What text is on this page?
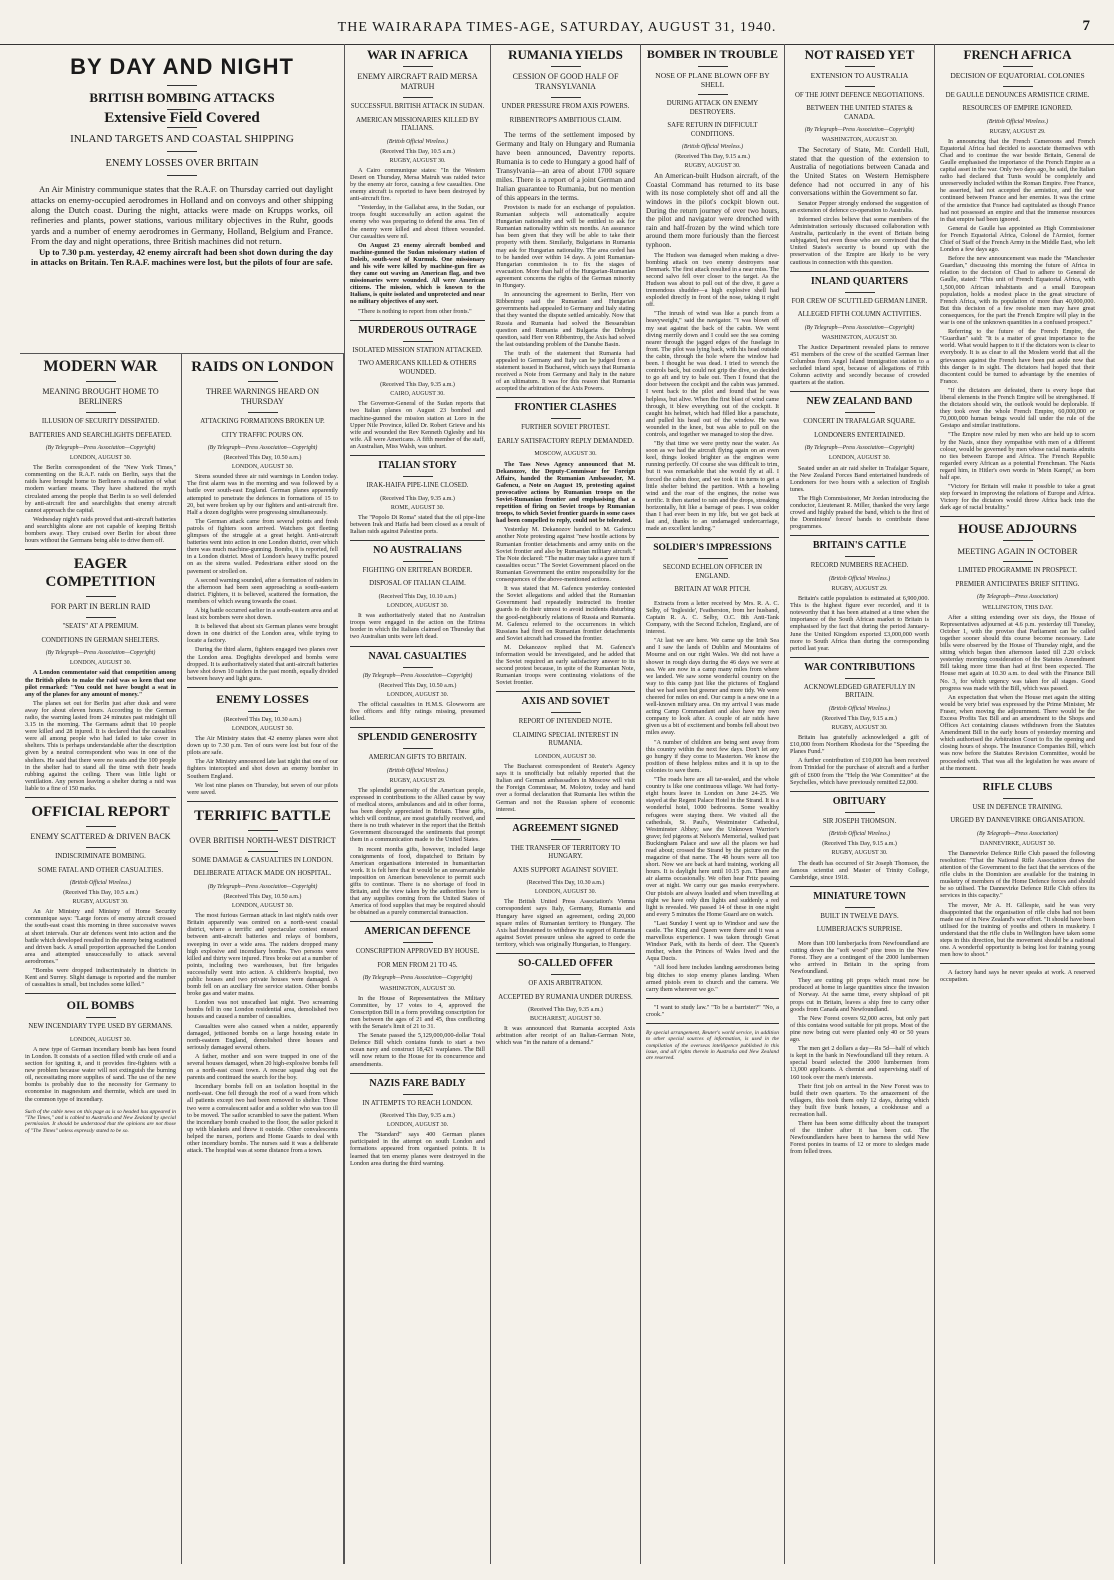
THE WAIRARAPA TIMES-AGE, SATURDAY, AUGUST 31, 1940.	7
BY DAY AND NIGHT
BRITISH BOMBING ATTACKS
Extensive Field Covered
INLAND TARGETS AND COASTAL SHIPPING
ENEMY LOSSES OVER BRITAIN

An Air Ministry communique states that the R.A.F. on Thursday carried out daylight attacks on enemy-occupied aerodromes in Holland and on convoys and other shipping along the Dutch coast. During the night, attacks were made on Krupps works, oil refineries and plants, power stations, various military objectives in the Ruhr, goods yards and a number of enemy aerodromes in Germany, Holland, Belgium and France. From the day and night operations, three British machines did not return.

Up to 7.30 p.m. yesterday, 42 enemy aircraft had been shot down during the day in attacks on Britain. Ten R.A.F. machines were lost, but the pilots of four are safe.

MODERN WAR
MEANING BROUGHT HOME TO BERLINERS
ILLUSION OF SECURITY DISSIPATED.
BATTERIES AND SEARCHLIGHTS DEFEATED.
(By Telegraph—Press Association—Copyright)
LONDON, AUGUST 30.

The Berlin correspondent of the "New York Times," commenting on the R.A.F. raids on Berlin, says that the raids have brought home to Berliners a realisation of what modern warfare means. They have shattered the myth circulated among the people that Berlin is so well defended by anti-aircraft fire and searchlights that enemy aircraft cannot approach the capital.

Wednesday night's raids proved that anti-aircraft batteries and searchlights alone are not capable of keeping British bombers away. They cruised over Berlin for about three hours without the Germans being able to drive them off.

EAGER COMPETITION
FOR PART IN BERLIN RAID
"SEATS" AT A PREMIUM.
CONDITIONS IN GERMAN SHELTERS.
(By Telegraph—Press Association—Copyright)
LONDON, AUGUST 30.

A London commentator said that competition among the British pilots to make the raid was so keen that one pilot remarked: "You could not have bought a seat in any of the planes for any amount of money."

The planes set out for Berlin just after dusk and were away for about eleven hours. According to the German radio, the warning lasted from 24 minutes past midnight till 3.15 in the morning. The Germans admit that 10 people were killed and 28 injured. It is declared that the casualties were all among people who had failed to take cover in shelters. This is perhaps understandable after the description given by a neutral correspondent who was in one of the shelters. He said that there were no seats and the 100 people in the shelter had to stand all the time with their heads rubbing against the ceiling. There was little light or ventilation. Any person leaving a shelter during a raid was liable to a fine of 150 marks.

OFFICIAL REPORT
ENEMY SCATTERED & DRIVEN BACK
INDISCRIMINATE BOMBING.
SOME FATAL AND OTHER CASUALTIES.
(British Official Wireless.)
(Received This Day, 10.5 a.m.)
RUGBY, AUGUST 30.

An Air Ministry and Ministry of Home Security communique says: "Large forces of enemy aircraft crossed the south-east coast this morning in three successive waves at short intervals. Our air defences went into action and the battle which developed resulted in the enemy being scattered and driven back. A small proportion approached the London area and attempted unsuccessfully to attack several aerodromes."

"Bombs were dropped indiscriminately in districts in Kent and Surrey. Slight damage is reported and the number of casualties is small, but includes some killed."

OIL BOMBS
NEW INCENDIARY TYPE USED BY GERMANS.
LONDON, AUGUST 30.

A new type of German incendiary bomb has been found in London. It consists of a section filled with crude oil and a section for igniting it, and it provides fire-fighters with a new problem because water will not extinguish the burning oil, necessitating more supplies of sand. The use of the new bombs is probably due to the necessity for Germany to economise in magnesium and thermite, which are used in the common type of incendiary.

Such of the cable news on this page as is so headed has appeared in "The Times," and is cabled to Australia and New Zealand by special permission. It should be understood that the opinions are not those of "The Times" unless expressly stated to be so.
RAIDS ON LONDON
THREE WARNINGS HEARD ON THURSDAY
ATTACKING FORMATIONS BROKEN UP.
CITY TRAFFIC POURS ON.
(By Telegraph—Press Association—Copyright)
(Received This Day, 10.50 a.m.)
LONDON, AUGUST 30.

Sirens sounded three air raid warnings in London today. The first alarm was in the morning and was followed by a battle over south-east England. German planes apparently attempted to penetrate the defences in formations of 15 to 20, but were broken up by our fighters and anti-aircraft fire. Half a dozen dogfights were progressing simultaneously.

The German attack came from several points and fresh patrols of fighters soon arrived. Watchers got fleeting glimpses of the struggle at a great height. Anti-aircraft batteries went into action in one London district, over which there was much machine-gunning. Bombs, it is reported, fell in a London district. Most of London's heavy traffic poured on as the sirens wailed. Pedestrians either stood on the pavement or strolled on.

A second warning sounded, after a formation of raiders in the afternoon had been seen approaching a south-eastern district. Fighters, it is believed, scattered the formation, the members of which swung towards the coast.

A big battle occurred earlier in a south-eastern area and at least six bombers were shot down.

It is believed that about six German planes were brought down in one district of the London area, while trying to locate a factory.

During the third alarm, fighters engaged two planes over the London area. Dogfights developed and bombs were dropped. It is authoritatively stated that anti-aircraft batteries have shot down 10 raiders in the past month, equally divided between heavy and light guns.

ENEMY LOSSES
(Received This Day, 10.30 a.m.)
LONDON, AUGUST 30.

The Air Ministry states that 42 enemy planes were shot down up to 7.30 p.m. Ten of ours were lost but four of the pilots are safe.

The Air Ministry announced late last night that one of our fighters intercepted and shot down an enemy bomber in Southern England.

We lost nine planes on Thursday, but seven of our pilots were saved.

TERRIFIC BATTLE
OVER BRITISH NORTH-WEST DISTRICT
SOME DAMAGE & CASUALTIES IN LONDON.
DELIBERATE ATTACK MADE ON HOSPITAL.
(By Telegraph—Press Association—Copyright)
(Received This Day, 10.50 a.m.)
LONDON, AUGUST 30.

The most furious German attack in last night's raids over Britain apparently was centred on a north-west coastal district, where a terrific and spectacular contest ensued between anti-aircraft batteries and relays of bombers, sweeping in over a wide area. The raiders dropped many high explosive and incendiary bombs. Two persons were killed and thirty were injured. Fires broke out at a number of points, including two warehouses, but fire brigades successfully went into action. A children's hospital, two public houses and two private houses were damaged. A bomb fell on an auxiliary fire service station. Other bombs broke gas and water mains.

London was not unscathed last night. Two screaming bombs fell in one London residential area, demolished two houses and caused a number of casualties.

Casualties were also caused when a raider, apparently damaged, jettisoned bombs on a large housing estate in north-eastern England, demolished three houses and seriously damaged several others.

A father, mother and son were trapped in one of the several houses damaged, when 20 high-explosive bombs fell on a north-east coast town. A rescue squad dug out the parents and continued the search for the boy.

Incendiary bombs fell on an isolation hospital in the north-east. One fell through the roof of a ward from which all patients except two had been removed to shelter. Those two were a convalescent sailor and a soldier who was too ill to be moved. The sailor scrambled to save the patient. When the incendiary bomb crashed to the floor, the sailor picked it up with blankets and threw it outside. Other convalescents helped the nurses, porters and Home Guards to deal with other incendiary bombs. The nurses said it was a deliberate attack. The hospital was at some distance from a town.

WAR IN AFRICA
ENEMY AIRCRAFT RAID MERSA MATRUH
SUCCESSFUL BRITISH ATTACK IN SUDAN.
AMERICAN MISSIONARIES KILLED BY ITALIANS.
(British Official Wireless.)
(Received This Day, 10.5 a.m.)
RUGBY, AUGUST 30.

A Cairo communique states: "In the Western Desert on Thursday, Mersa Matruh was raided twice by the enemy air force, causing a few casualties. One enemy aircraft is reported to have been destroyed by anti-aircraft fire.

"Yesterday, in the Gallabat area, in the Sudan, our troops fought successfully an action against the enemy who was preparing to defend the area. Ten of the enemy were killed and about fifteen wounded. Our casualties were nil.

On August 23 enemy aircraft bombed and machine-gunned the Sudan missionary station of Doleib, south-west of Kurmuk. One missionary and his wife were killed by machine-gun fire as they came out waving an American flag, and two missionaries were wounded. All were American citizens. The mission, which is known to the Italians, is quite isolated and unprotected and near no military objectives of any sort.

"There is nothing to report from other fronts."

MURDEROUS OUTRAGE
ISOLATED MISSION STATION ATTACKED.
TWO AMERICANS KILLED & OTHERS WOUNDED.
(Received This Day, 9.35 a.m.)
CAIRO, AUGUST 30.

The Governor-General of the Sudan reports that two Italian planes on August 23 bombed and machine-gunned the mission station at Loro in the Upper Nile Province, killed Dr. Robert Grieve and his wife and wounded the Rev Kenneth Oglesby and his wife. All were Americans. A fifth member of the staff, an Australian, Miss Walsh, was unhurt.

ITALIAN STORY
IRAK-HAIFA PIPE-LINE CLOSED.
(Received This Day, 9.35 a.m.)
ROME, AUGUST 30.

The "Popolo Di Roma" stated that the oil pipe-line between Irak and Haifa had been closed as a result of Italian raids against Palestine ports.

NO AUSTRALIANS
FIGHTING ON ERITREAN BORDER.
DISPOSAL OF ITALIAN CLAIM.
(Received This Day, 10.10 a.m.)
LONDON, AUGUST 30.

It was authoritatively stated that no Australian troops were engaged in the action on the Eritrea border in which the Italians claimed on Thursday that two Australian units were left dead.

NAVAL CASUALTIES
(By Telegraph—Press Association—Copyright)
(Received This Day, 10.50 a.m.)
LONDON, AUGUST 30.

The official casualties in H.M.S. Glowworm are five officers and fifty ratings missing, presumed killed.

SPLENDID GENEROSITY
AMERICAN GIFTS TO BRITAIN.
(British Official Wireless.)
RUGBY, AUGUST 29.

The splendid generosity of the American people, expressed in contributions to the Allied cause by way of medical stores, ambulances and aid in other forms, has been deeply appreciated in Britain. These gifts, which will continue, are most gratefully received, and there is no truth whatever in the report that the British Government discouraged the sentiments that prompt them in a communication made to the United States.

In recent months gifts, however, included large consignments of food, dispatched to Britain by American organisations interested in humanitarian work. It is felt here that it would be an unwarrantable imposition on American benevolence to permit such gifts to continue. There is no shortage of food in Britain, and the view taken by the authorities here is that any supplies coming from the United States of America of food supplies that may be required should be obtained as a purely commercial transaction.

AMERICAN DEFENCE
CONSCRIPTION APPROVED BY HOUSE.
FOR MEN FROM 21 TO 45.
(By Telegraph—Press Association—Copyright)
WASHINGTON, AUGUST 30.

In the House of Representatives the Military Committee, by 17 votes to 4, approved the Conscription Bill in a form providing conscription for men between the ages of 21 and 45, thus conflicting with the Senate's limit of 21 to 31.

The Senate passed the 5,129,000,000-dollar Total Defence Bill which contains funds to start a two ocean navy and construct 18,421 warplanes. The Bill will now return to the House for its concurrence and amendments.

NAZIS FARE BADLY
IN ATTEMPTS TO REACH LONDON.
(Received This Day, 9.35 a.m.)
LONDON, AUGUST 30.

The "Standard" says 400 German planes participated in the attempt on south London and formations appeared from organised points. It is learned that ten enemy planes were destroyed in the London area during the third warning.

RUMANIA YIELDS
CESSION OF GOOD HALF OF TRANSYLVANIA
UNDER PRESSURE FROM AXIS POWERS.
RIBBENTROP'S AMBITIOUS CLAIM.

The terms of the settlement imposed by Germany and Italy on Hungary and Rumania have been announced, Daventry reports. Rumania is to cede to Hungary a good half of Transylvania—an area of about 1700 square miles. There is a report of a joint German and Italian guarantee to Rumania, but no mention of this appears in the terms.

Provision is made for an exchange of population. Rumanian subjects will automatically acquire Hungarian nationality and will be entitled to ask for Rumanian nationality within six months. An assurance has been given that they will be able to take their property with them. Similarly, Bulgarians in Rumania may ask for Hungarian nationality. The area ceded has to be handed over within 14 days. A joint Rumanian-Hungarian commission is to fix the stages of evacuation. More than half of the Hungarian-Rumanian agreement concerns the rights of the German minority in Hungary.

In announcing the agreement to Berlin, Herr von Ribbentrop said the Rumanian and Hungarian governments had appealed to Germany and Italy stating that they wanted the dispute settled amicably. Now that Russia and Rumania had solved the Bessarabian question and Rumania and Bulgaria the Dobruja question, said Herr von Ribbentrop, the Axis had solved the last outstanding problem of the Danube Basin.

The truth of the statement that Rumania had appealed to Germany and Italy can be judged from a statement issued in Bucharest, which says that Rumania received a Note from Germany and Italy in the nature of an ultimatum. It was for this reason that Rumania accepted the arbitration of the Axis Powers.

FRONTIER CLASHES
FURTHER SOVIET PROTEST.
EARLY SATISFACTORY REPLY DEMANDED.
MOSCOW, AUGUST 30.

The Tass News Agency announced that M. Dekanozov, the Deputy-Commissar for Foreign Affairs, handed the Rumanian Ambassador, M. Gafencu, a Note on August 19, protesting against provocative actions by Rumanian troops on the Soviet-Rumanian frontier and emphasising that a repetition of firing on Soviet troops by Rumanian troops, to which Soviet frontier guards in some cases had been compelled to reply, could not be tolerated.

Yesterday M. Dekanozov handed to M. Gafencu another Note protesting against "new hostile actions by Rumanian frontier detachments and army units on the Soviet frontier and also by Rumanian military aircraft." The Note declared: "The matter may take a grave turn if casualties occur." The Soviet Government placed on the Rumanian Government the entire responsibility for the consequences of the above-mentioned actions.

It was stated that M. Gafencu yesterday contested the Soviet allegations and added that the Rumanian Government had repeatedly instructed its frontier guards to do their utmost to avoid incidents disturbing the good-neighbourly relations of Russia and Rumania. M. Gafencu referred to the occurrences in which Russians had fired on Rumanian frontier detachments and Soviet aircraft had crossed the frontier.

M. Dekanozov replied that M. Gafencu's information would be investigated, and he added that the Soviet required an early satisfactory answer to its second protest because, in spite of the Rumanian Note, Rumanian troops were continuing violations of the Soviet frontier.

AXIS AND SOVIET
REPORT OF INTENDED NOTE.
CLAIMING SPECIAL INTEREST IN RUMANIA.
LONDON, AUGUST 30.

The Bucharest correspondent of Reuter's Agency says it is unofficially but reliably reported that the Italian and German ambassadors in Moscow will visit the Foreign Commissar, M. Molotov, today and hand over a formal declaration that Rumania lies within the German and not the Russian sphere of economic interest.

AGREEMENT SIGNED
THE TRANSFER OF TERRITORY TO HUNGARY.
AXIS SUPPORT AGAINST SOVIET.
(Received This Day, 10.30 a.m.)
LONDON, AUGUST 30.

The British United Press Association's Vienna correspondent says Italy, Germany, Rumania and Hungary have signed an agreement, ceding 20,000 square miles of Rumanian territory to Hungary. The Axis had threatened to withdraw its support of Rumania against Soviet pressure unless she agreed to cede the territory, which was originally Hungarian, to Hungary.

SO-CALLED OFFER
OF AXIS ARBITRATION.
ACCEPTED BY RUMANIA UNDER DURESS.
(Received This Day, 9.35 a.m.)
BUCHAREST, AUGUST 30.

It was announced that Rumania accepted Axis arbitration after receipt of an Italian-German Note, which was "in the nature of a demand."

BOMBER IN TROUBLE
NOSE OF PLANE BLOWN OFF BY SHELL
DURING ATTACK ON ENEMY DESTROYERS.
SAFE RETURN IN DIFFICULT CONDITIONS.
(British Official Wireless.)
(Received This Day, 9.15 a.m.)
RUGBY, AUGUST 30.

An American-built Hudson aircraft, of the Coastal Command has returned to its base with its nose completely shot off and all the windows in the pilot's cockpit blown out. During the return journey of over two hours, the pilot and navigator were drenched with rain and half-frozen by the wind which tore around them more furiously than the fiercest typhoon.

The Hudson was damaged when making a dive-bombing attack on two enemy destroyers near Denmark. The first attack resulted in a near miss. The second salvo fell over closer to the target. As the Hudson was about to pull out of the dive, it gave a tremendous shudder—a high explosive shell had exploded directly in front of the nose, taking it right off.

"The inrush of wind was like a punch from a heavyweight," said the navigator. "I was blown off my seat against the back of the cabin. We went diving merrily down and I could see the sea coming nearer through the jagged edges of the fuselage in front. The pilot was lying back, with his head outside the cabin, through the hole where the window had been. I thought he was dead. I tried to wrench the controls back, but could not grip the dive, so decided to go aft and try to bale out. Then I found that the door between the cockpit and the cabin was jammed. I went back to the pilot and found that he was helpless, but alive. When the first blast of wind came through, it blew everything out of the cockpit. It caught his helmet, which had filled like a parachute, and pulled his head out of the window. He was wounded in the knee, but was able to pull on the controls, and together we managed to stop the dive.

"By that time we were pretty near the water. As soon as we had the aircraft flying again on an even keel, things looked brighter as the engines were running perfectly. Of course she was difficult to trim, but it was remarkable that she would fly at all. I forced the cabin door, and we took it in turns to get a little shelter behind the partition. With a howling wind and the roar of the engines, the noise was terrific. It then started to rain and the drops, streaking horizontally, hit like a barrage of peas. I was colder than I had ever been in my life, but we got back at last and, thanks to an undamaged undercarriage, made an excellent landing."

SOLDIER'S IMPRESSIONS
SECOND ECHELON OFFICER IN ENGLAND.
BRITAIN AT WAR PITCH.

Extracts from a letter received by Mrs. R. A. C. Selby, of 'Ingleside', Featherston, from her husband, Captain R. A. C. Selby, O.C. 8th Anti-Tank Company, with the Second Echelon, England, are of interest.

"At last we are here. We came up the Irish Sea and I saw the lands of Dublin and Mountains of Mourne and on our right Wales. We did not have a shower in rough days during the 46 days we were at sea. We are now in a camp many miles from where we landed. We saw some wonderful country on the way to this camp just like the pictures of England that we had seen but greener and more tidy. We were cheered for miles on end. Our camp is a new one in a well-known military area. On my arrival I was made acting Camp Commandant and also have my own company to look after. A couple of air raids have given us a bit of excitement and bombs fell about two miles away.

"A number of children are being sent away from this country within the next few days. Don't let any go hungry if they come to Masterton. We know the position of these helpless mites and it is up to the colonies to save them.

"The roads here are all tar-sealed, and the whole country is like one continuous village. We had forty-eight hours leave in London on June 24-25. We stayed at the Regent Palace Hotel in the Strand. It is a wonderful hotel, 1000 bedrooms. Some wealthy refugees were staying there. We visited all the cathedrals, St. Paul's, Westminster Cathedral, Westminster Abbey; saw the Unknown Warrior's grave; fed pigeons at Nelson's Memorial, walked past Buckingham Palace and saw all the places we had read about; crossed the Strand by the picture on the magazine of that name. The 48 hours were all too short. Now we are back at hard training, working all hours. It is daylight here until 10.15 p.m. There are air alarms occasionally. We often hear Fritz passing over at night. We carry our gas masks everywhere. Our pistols are always loaded and when travelling at night we have only dim lights and suddenly a red light is revealed. We passed 14 of these in one night and every 5 minutes the Home Guard are on watch.

"Last Sunday I went up to Windsor and saw the castle. The King and Queen were there and it was a marvellous experience. I was taken through Great Windsor Park, with its herds of deer. The Queen's mother, when the Princes of Wales lived and the Aqua Ducts.

"All food here includes landing aerodromes being big ditches to stop enemy planes landing. When armed pistols even to church and the camera. We carry them wherever we go."

"I want to study law." "To be a barrister?" "No, a crook."

By special arrangement, Reuter's world service, in addition to other special sources of information, is used in the compilation of the overseas intelligence published in this issue, and all rights therein in Australia and New Zealand are reserved.
NOT RAISED YET
EXTENSION TO AUSTRALIA
OF THE JOINT DEFENCE NEGOTIATIONS.
BETWEEN THE UNITED STATES & CANADA.
(By Telegraph—Press Association—Copyright)
WASHINGTON, AUGUST 30.

The Secretary of State, Mr. Cordell Hull, stated that the question of the extension to Australia of negotiations between Canada and the United States on Western Hemisphere defence had not occurred in any of his conversations within the Government so far.

Senator Pepper strongly endorsed the suggestion of an extension of defence co-operation to Australia.

Informed circles believe that some members of the Administration seriously discussed collaboration with Australia, particularly in the event of Britain being subjugated, but even those who are convinced that the United States's security is bound up with the preservation of the Empire are likely to be very cautious in connection with this question.

INLAND QUARTERS
FOR CREW OF SCUTTLED GERMAN LINER.
ALLEGED FIFTH COLUMN ACTIVITIES.
(By Telegraph—Press Association—Copyright)
WASHINGTON, AUGUST 30.

The Justice Department revealed plans to remove 451 members of the crew of the scuttled German liner Columbus from Angel Island immigration station to a secluded inland spot, because of allegations of Fifth Column activity and secondly because of crowded quarters at the station.

NEW ZEALAND BAND
CONCERT IN TRAFALGAR SQUARE.
LONDONERS ENTERTAINED.
(By Telegraph—Press Association—Copyright)
LONDON, AUGUST 30.

Seated under an air raid shelter in Trafalgar Square, the New Zealand Forces Band entertained hundreds of Londoners for two hours with a selection of English tunes.

The High Commissioner, Mr Jordan introducing the conductor, Lieutenant R. Miller, thanked the very large crowd and highly praised the band, which is the first of the Dominions' forces' bands to contribute these programmes.

BRITAIN'S CATTLE
RECORD NUMBERS REACHED.
(British Official Wireless.)
RUGBY, AUGUST 29.

Britain's cattle population is estimated at 6,900,000. This is the highest figure ever recorded, and it is noteworthy that it has been attained at a time when the importance of the South African market to Britain is emphasised by the fact that during the period January-June the United Kingdom exported £3,000,000 worth more to South Africa than during the corresponding period last year.

WAR CONTRIBUTIONS
ACKNOWLEDGED GRATEFULLY IN BRITAIN.
(British Official Wireless.)
(Received This Day, 9.15 a.m.)
RUGBY, AUGUST 30.

Britain has gratefully acknowledged a gift of £10,000 from Northern Rhodesia for the "Speeding the Planes Fund."

A further contribution of £10,000 has been received from Trinidad for the purchase of aircraft and a further gift of £600 from the "Help the War Committee" at the Seychelles, which have previously remitted £2,000.

OBITUARY
SIR JOSEPH THOMSON.
(British Official Wireless.)
(Received This Day, 9.15 a.m.)
RUGBY, AUGUST 30.

The death has occurred of Sir Joseph Thomson, the famous scientist and Master of Trinity College, Cambridge, since 1918.

MINIATURE TOWN
BUILT IN TWELVE DAYS.
LUMBERJACK'S SURPRISE.

More than 100 lumberjacks from Newfoundland are cutting down the "soft wood" pine trees in the New Forest. They are a contingent of the 2000 lumbermen who arrived in Britain in the spring from Newfoundland.

They are cutting pit props which must now be produced at home in large quantities since the invasion of Norway. At the same time, every shipload of pit props cut in Britain, leaves a ship free to carry other goods from Canada and Newfoundland.

The New Forest covers 92,000 acres, but only part of this contains wood suitable for pit props. Most of the pine now being cut were planted only 40 or 50 years ago.

The men get 2 dollars a day—Rs 5d—half of which is kept in the bank in Newfoundland till they return. A special board selected the 2000 lumbermen from 13,000 applicants. A chemist and supervising staff of 160 took over the men's interests.

Their first job on arrival in the New Forest was to build their own quarters. To the amazement of the villagers, this took them only 12 days, during which they built five bunk houses, a cookhouse and a recreation hall.

There has been some difficulty about the transport of the timber after it has been cut. The Newfoundlanders have been to harness the wild New Forest ponies in teams of 12 or more to sledges made from felled trees.

FRENCH AFRICA
DECISION OF EQUATORIAL COLONIES
DE GAULLE DENOUNCES ARMISTICE CRIME.
RESOURCES OF EMPIRE IGNORED.
(British Official Wireless.)
RUGBY, AUGUST 29.

In announcing that the French Cameroons and French Equatorial Africa had decided to associate themselves with Chad and to continue the war beside Britain, General de Gaulle emphasised the importance of the French Empire as a capital asset in the war. Only two days ago, he said, the Italian radio had declared that Tunis would be completely and unreservedly included within the Roman Empire. Free France, he asserted, had not accepted the armistice, and the war continued between France and her enemies. It was the crime of the armistice that France had capitulated as though France had not possessed an empire and that the immense resources in that empire had been ignored.

General de Gaulle has appointed as High Commissioner for French Equatorial Africa, Colonel de l'Armiot, former Chief of Staff of the French Army in the Middle East, who left London a few days ago.

Before the new announcement was made the "Manchester Guardian," discussing this morning the future of Africa in relation to the decision of Chad to adhere to General de Gaulle, stated: "This unit of French Equatorial Africa, with 1,500,000 African inhabitants and a small European population, holds a modest place in the great structure of French Africa, with its population of more than 40,000,000. But this decision of a few resolute men may have great consequences, for the part the French Empire will play in the war is one of the unknown quantities in a confused prospect."

Referring to the future of the French Empire, the "Guardian" said: "It is a matter of great importance to the world. What would happen to it if the dictators won is clear to everybody. It is as clear to all the Moslem world that all the grievances against the French have been put aside now that this danger is in sight. The dictators had hoped that their discontent could be turned to advantage by the enemies of France.

"If the dictators are defeated, there is every hope that liberal elements in the French Empire will be strengthened. If the dictators should win, the outlook would be deplorable. If they took over the whole French Empire, 60,000,000 or 70,000,000 human beings would fall under the rule of the Gestapo and similar institutions.

"The Empire now ruled by men who are held up to scorn by the Nazis, since they sympathise with men of a different colour, would be governed by men whose racial mania admits no ties between Europe and Africa. The French Republic regarded every African as a potential Frenchman. The Nazis regard him, in Hitler's own words in 'Mein Kampf,' as born half ape.

"Victory for Britain will make it possible to take a great step forward in improving the relations of Europe and Africa. Victory for the dictators would throw Africa back into the dark age of racial brutality."

HOUSE ADJOURNS
MEETING AGAIN IN OCTOBER
LIMITED PROGRAMME IN PROSPECT.
PREMIER ANTICIPATES BRIEF SITTING.
(By Telegraph—Press Association)
WELLINGTON, THIS DAY.

After a sitting extending over six days, the House of Representatives adjourned at 4.6 p.m. yesterday till Tuesday, October 1, with the proviso that Parliament can be called together sooner should this course become necessary. Late bills were observed by the House of Thursday night, and the sitting which began then afternoon lasted till 2.20 o'clock yesterday morning consideration of the Statutes Amendment Bill taking more time than had at first been expected. The House met again at 10.30 a.m. to deal with the Finance Bill No. 3, for which urgency was taken for all stages. Good progress was made with the Bill, which was passed.

An expectation that when the House met again the sitting would be very brief was expressed by the Prime Minister, Mr Fraser, when moving the adjournment. There would be the Excess Profits Tax Bill and an amendment to the Shops and Offices Act containing clauses withdrawn from the Statutes Amendment Bill in the early hours of yesterday morning and which authorised the Arbitration Court to fix the opening and closing hours of shops. The Insurance Companies Bill, which was now before the Statutes Revision Committee, would be proceeded with. That was all the legislation he was aware of at the moment.

RIFLE CLUBS
USE IN DEFENCE TRAINING.
URGED BY DANNEVIRKE ORGANISATION.
(By Telegraph—Press Association)
DANNEVIRKE, AUGUST 30.

The Dannevirke Defence Rifle Club passed the following resolution: "That the National Rifle Association draws the attention of the Government to the fact that the services of the rifle clubs in the Dominion are available for the training in musketry of members of the Home Defence forces and should be so utilised. The Dannevirke Defence Rifle Club offers its services in this capacity."

The mover, Mr A. H. Gillespie, said he was very disappointed that the organisation of rifle clubs had not been made use of in New Zealand's war effort. "It should have been utilised for the training of youths and others in musketry. I understand that the rifle clubs in Wellington have taken some steps in this direction, but the movement should be a national one. A wonderful opportunity is being lost for training young men how to shoot."

A factory hand says he never speaks at work. A reserved occupation.
